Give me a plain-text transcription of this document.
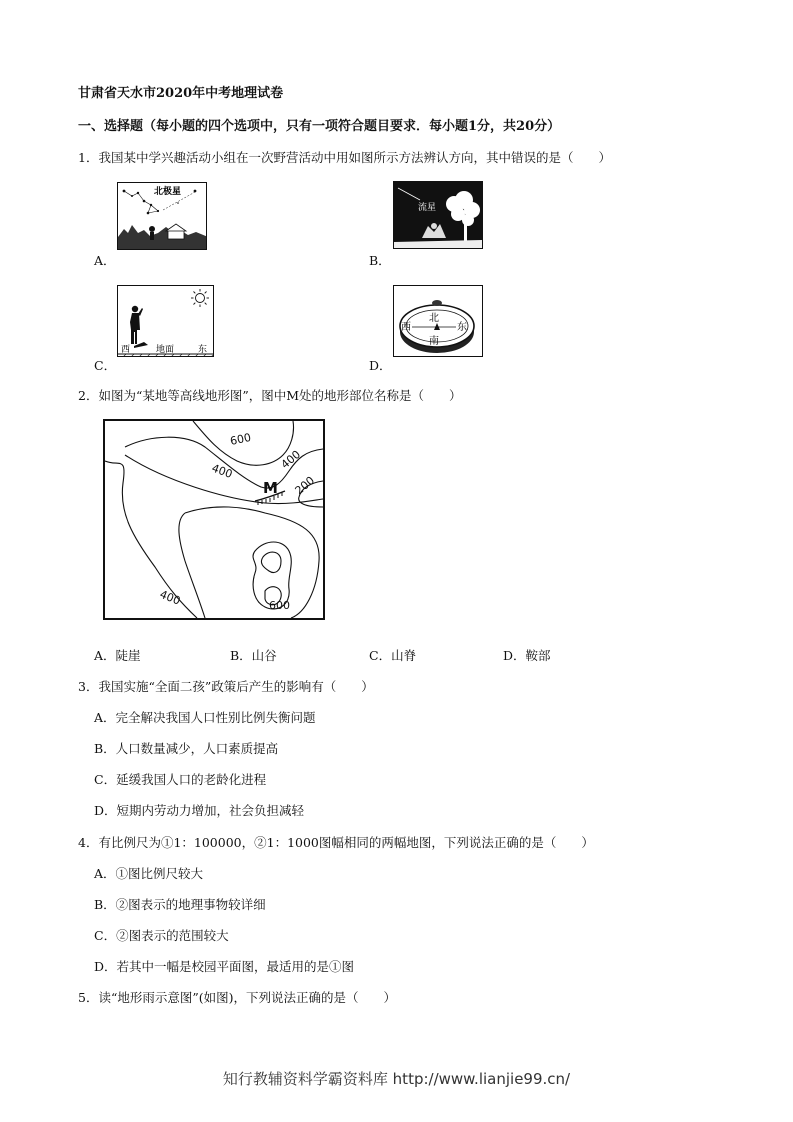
甘肃省天水市2020年中考地理试卷
一、选择题（每小题的四个选项中，只有一项符合题目要求．每小题1分，共20分）
1．我国某中学兴趣活动小组在一次野营活动中用如图所示方法辨认方向，其中错误的是（　　）
北极星
A．
流星
B．
西	地面	东
C．
北
西	东
南
D．
2．如图为“某地等高线地形图”，图中M处的地形部位名称是（　　）
600
400
400
M 200
400	600
A．陡崖	B．山谷	C．山脊	D．鞍部
3．我国实施“全面二孩”政策后产生的影响有（　　）
A．完全解决我国人口性别比例失衡问题
B．人口数量减少，人口素质提高
C．延缓我国人口的老龄化进程
D．短期内劳动力增加，社会负担减轻
4．有比例尺为①1：100000，②1：1000图幅相同的两幅地图，下列说法正确的是（　　）
A．①图比例尺较大
B．②图表示的地理事物较详细
C．②图表示的范围较大
D．若其中一幅是校园平面图，最适用的是①图
5．读“地形雨示意图”(如图)，下列说法正确的是（　　）
知行教辅资料学霸资料库 http://www.lianjie99.cn/
